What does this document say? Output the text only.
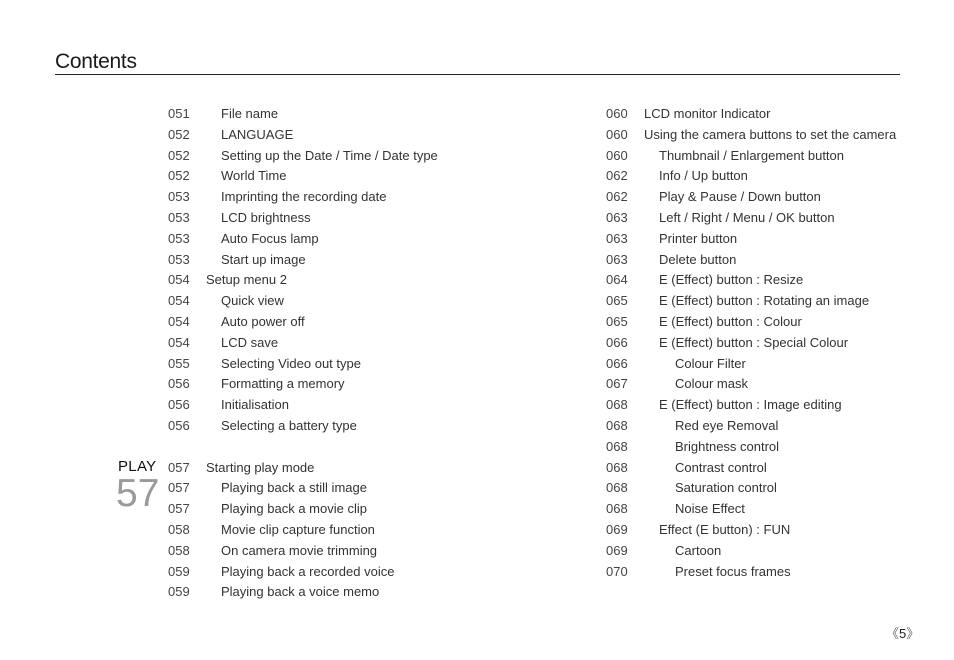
Contents
PLAY
57
051	File name
052	LANGUAGE
052	Setting up the Date / Time / Date type
052	World Time
053	Imprinting the recording date
053	LCD brightness
053	Auto Focus lamp
053	Start up image
054	Setup menu 2
054	Quick view
054	Auto power off
054	LCD save
055	Selecting Video out type
056	Formatting a memory
056	Initialisation
056	Selecting a battery type
057	Starting play mode
057	Playing back a still image
057	Playing back a movie clip
058	Movie clip capture function
058	On camera movie trimming
059	Playing back a recorded voice
059	Playing back a voice memo
060	LCD monitor Indicator
060	Using the camera buttons to set the camera
060	Thumbnail / Enlargement button
062	Info / Up button
062	Play & Pause / Down button
063	Left / Right / Menu / OK button
063	Printer button
063	Delete button
064	E (Effect) button : Resize
065	E (Effect) button : Rotating an image
065	E (Effect) button : Colour
066	E (Effect) button : Special Colour
066	Colour Filter
067	Colour mask
068	E (Effect) button : Image editing
068	Red eye Removal
068	Brightness control
068	Contrast control
068	Saturation control
068	Noise Effect
069	Effect (E button) : FUN
069	Cartoon
070	Preset focus frames
《5》
